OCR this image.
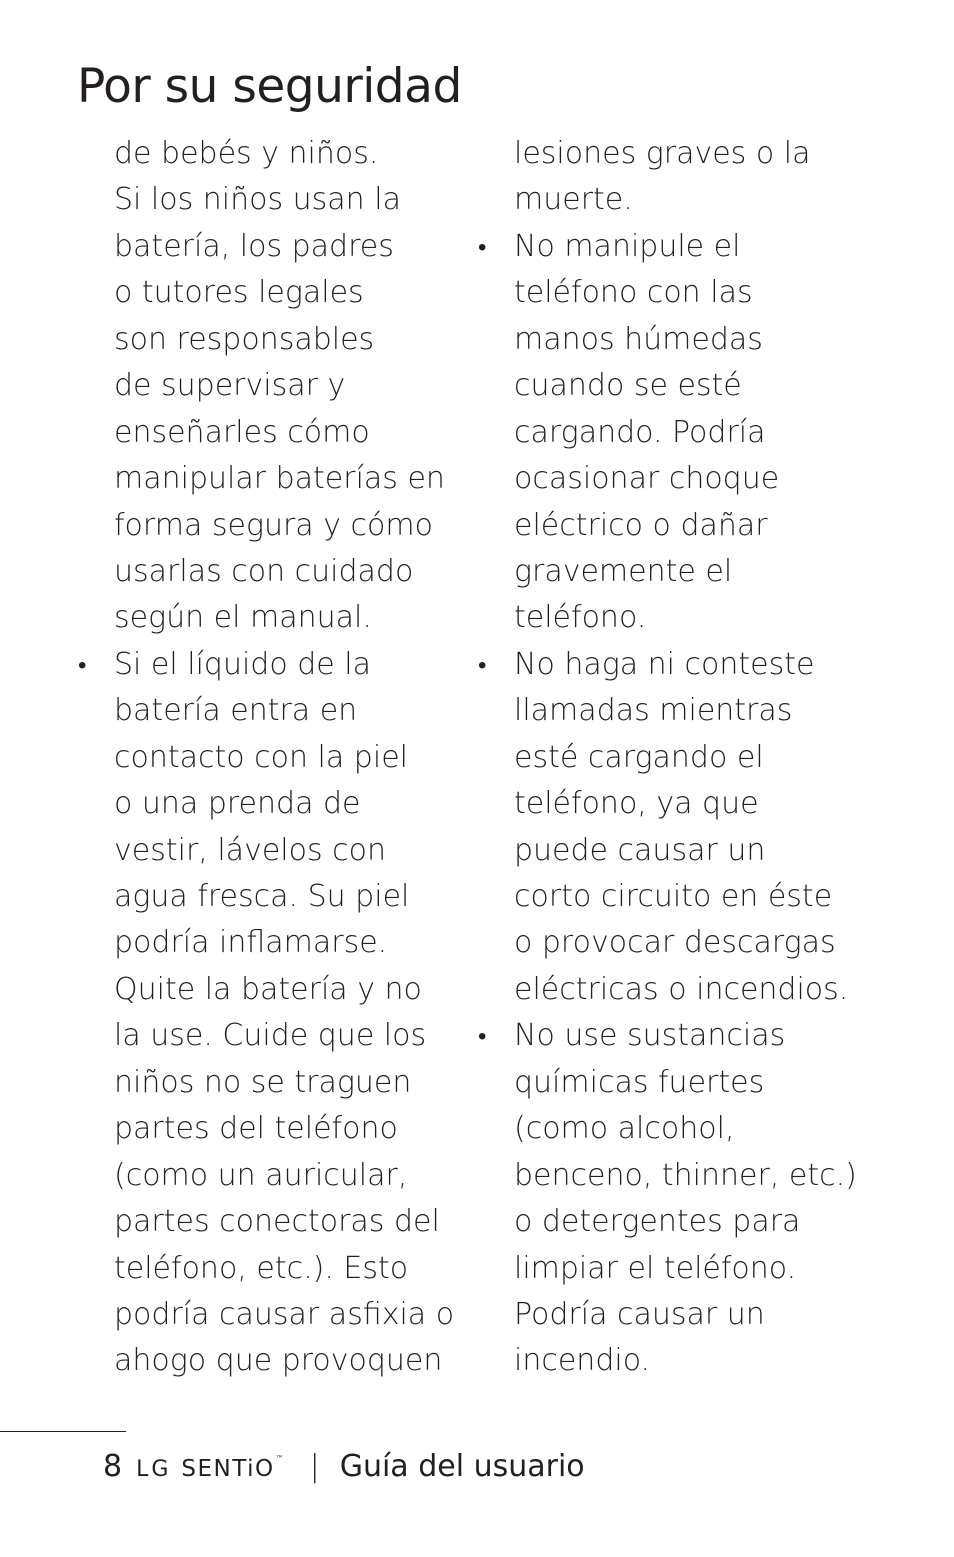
Por su seguridad
de bebés y niños.
Si los niños usan la
batería, los padres
o tutores legales
son responsables
de supervisar y
enseñarles cómo
manipular baterías en
forma segura y cómo
usarlas con cuidado
según el manual.
• Si el líquido de la
batería entra en
contacto con la piel
o una prenda de
vestir, lávelos con
agua fresca. Su piel
podría inflamarse.
Quite la batería y no
la use. Cuide que los
niños no se traguen
partes del teléfono
(como un auricular,
partes conectoras del
teléfono, etc.). Esto
podría causar asfixia o
ahogo que provoquen
lesiones graves o la
muerte.
• No manipule el
teléfono con las
manos húmedas
cuando se esté
cargando. Podría
ocasionar choque
eléctrico o dañar
gravemente el
teléfono.
• No haga ni conteste
llamadas mientras
esté cargando el
teléfono, ya que
puede causar un
corto circuito en éste
o provocar descargas
eléctricas o incendios.
• No use sustancias
químicas fuertes
(como alcohol,
benceno, thinner, etc.)
o detergentes para
limpiar el teléfono.
Podría causar un
incendio.
8 LG SENTiO ™ | Guía del usuario
